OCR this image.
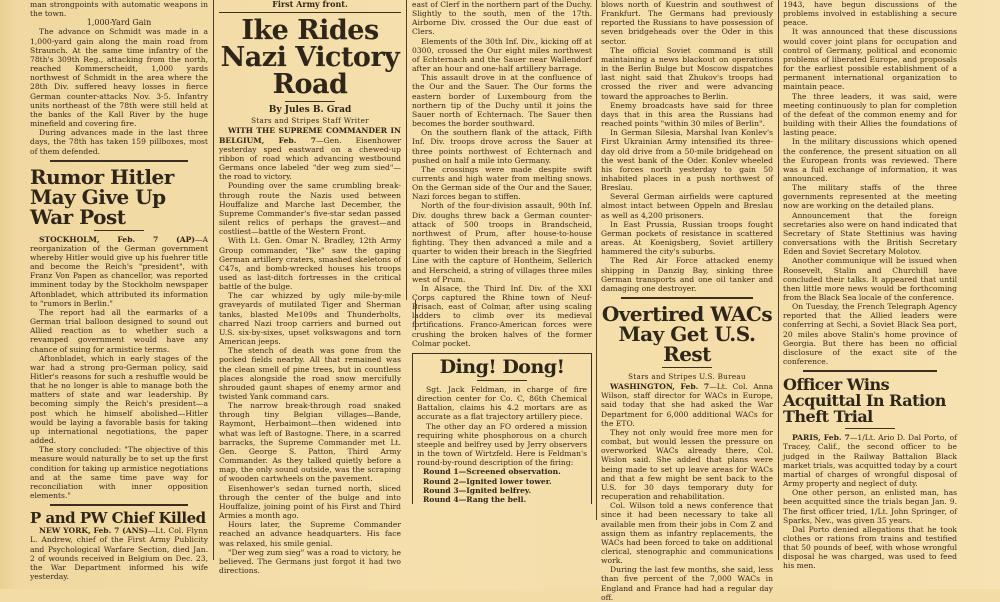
man strongpoints with automatic weapons in the town.

1,000-Yard Gain

The advance on Schmidt was made in a 1,000-yard gain along the main road from Straunch. At the same time infantry of the 78th's 309th Reg., attacking from the north, reached Kommerscheidt, 1,000 yards northwest of Schmidt in the area where the 28th Div. suffered heavy losses in fierce German counter-attacks Nov. 3-5. Infantry units northeast of the 78th were still held at the banks of the Kall River by the huge minefield and covering fire.

During advances made in the last three days, the 78th has taken 159 pillboxes, most of them defended.

Rumor Hitler May Give Up War Post

STOCKHOLM, Feb. 7 (AP)—A reorganization of the German government whereby Hitler would give up his fuehrer title and become the Reich's "president", with Franz Von Papen as chancellor, was reported imminent today by the Stockholm newspaper Aftonbladet, which attributed its information to "rumors in Berlin."

The report had all the earmarks of a German trial balloon designed to sound out Allied reaction as to whether such a revamped government would have any chance of suing for armistice terms.

Aftonbladet, which in early stages of the war had a strong pro-German policy, said Hitler's reasons for such a reshuffle would be that he no longer is able to manage both the matters of state and war leadership. By becoming simply the Reich's president—a post which he himself abolished—Hitler would be laying a favorable basis for taking up international negotiations, the paper added.

The story concluded: "The objective of this measure would naturally be to set up the first condition for taking up armistice negotiations and at the same time pave way for reconciliation with inner opposition elements."

P and PW Chief Killed

NEW YORK, Feb. 7 (ANS)—Lt. Col. Flynn L. Andrew, chief of the First Army Publicity and Psychological Warfare Section, died Jan. 2 of wounds received in Belgium on Dec. 23, the War Department informed his wife yesterday.

First Army front.

Ike Rides Nazi Victory Road
By Jules B. Grad
Stars and Stripes Staff Writer

WITH THE SUPREME COMMANDER IN BELGIUM, Feb. 7—Gen. Eisenhower yesterday sped eastward on a chewed-up ribbon of road which advancing westbound Germans once labeled "der weg zum sied"—the road to victory.

Pounding over the same crumbling break-through route the Nazis used between Houffalize and Marche last December, the Supreme Commander's five-star sedan passed silent relics of perhaps the gravest—and costliest—battle of the Western Front.

With Lt. Gen. Omar N. Bradley, 12th Army Group commander, "Ike" saw the gaping German artillery craters, smashed skeletons of C47s, and bomb-wrecked houses his troops used as last-ditch fortresses in the critical battle of the bulge.

The car whizzed by ugly mile-by-mile graveyards of mutilated Tiger and Sherman tanks, blasted Me109s and Thunderbolts, charred Nazi troop carriers and burned out U.S. six-by-sixes, upset volkswagons and torn American jeeps.

The stench of death was gone from the pocked fields nearby. All that remained was the clean smell of pine trees, but in countless places alongside the road snow mercifully shrouded gaunt shapes of enemy armor and twisted Yank command cars.

The narrow break-through road snaked through tiny Belgian villages—Bande, Raymont, Herbaimont—then widened into what was left of Bastogne. There, in a scarred barracks, the Supreme Commander met Lt. Gen. George S. Patton, Third Army Commander. As they talked quietly before a map, the only sound outside, was the scraping of wooden cartwheels on the pavement.

Eisenhower's sedan turned north, sliced through the center of the bulge and into Houffalize, joining point of his First and Third Armies a month ago.

Hours later, the Supreme Commander reached an advance headquarters. His face was relaxed, his smile genial.

"Der weg zum sieg" was a road to victory, he believed. The Germans just forgot it had two directions.

east of Clerf in the northern part of the Duchy. Slightly to the south, men of the 17th. Airborne Div. crossed the Our due east of Clers.

Elements of the 30th Inf. Div., kicking off at 0300, crossed the Our eight miles northwest of Echternach and the Sauer near Wallendorf after an hour and one-half artillery barrage.

This assault drove in at the confluence of the Our and the Sauer. The Our forms the eastern border of Luxembourg from the northern tip of the Duchy until it joins the Sauer north of Echternach. The Sauer then becomes the border southward.

On the southern flank of the attack, Fifth Inf. Div. troops drove across the Sauer at three points northwest of Echternach and pushed on half a mile into Germany.

The crossings were made despite swift currents and high water from melting snows. On the German side of the Our and the Sauer, Nazi forces began to stiffen.

North of the four-division assault, 90th Inf. Div. doughs threw back a German counter-attack of 500 troops in Brandscheid, northwest of Prum, after house-to-house fighting. They then advanced a mile and a quarter to widen their breach in the Siegfried Line with the capture of Hontheim, Sellerich and Herscheid, a string of villages three miles west of Prum.

In Alsace, the Third Inf. Div. of the XXI Corps captured the Rhine town of Neuf-Brisach, east of Colmar, after using scaling ladders to climb over its medieval fortifications. Franco-American forces were crushing the broken halves of the former Colmar pocket.

Ding! Dong!

Sgt. Jack Feldman, in charge of fire direction center for Co. C, 86th Chemical Battalion, claims his 4.2 mortars are as accurate as a flat trajectory artillery piece.

The other day an FO ordered a mission requiring white phosphorous on a church steeple and belfrey used by Jerry observers in the town of Wirtzfeld. Here is Feldman's round-by-round description of the firing:

Round 1—Screened observation.

Round 2—Ignited lower tower.

Round 3—Ignited belfrey.

Round 4—Rang the bell.

blows north of Kuestrin and southwest of Frankfurt. The Germans had previously reported the Russians to have possession of seven bridgeheads over the Oder in this sector.

The official Soviet command is still maintaining a news blackout on operations in the Berlin Bulge but Moscow dispatches last night said that Zhukov's troops had crossed the river and were advancing toward the approaches to Berlin.

Enemy broadcasts have said for three days that in this area the Russians had reached points "within 30 miles of Berlin".

In German Silesia, Marshal Ivan Konlev's First Ukrainian Army intensified its three-day old drive from a 50-mile bridgehead on the west bank of the Oder. Konlev wheeled his forces north yesterday to gain 50 inhabited places in a push northwest of Breslau.

Several German airfields were captured almost intact between Oppeln and Breslau as well as 4,200 prisoners.

In East Prussia, Russian troops fought German pockets of resistance in scattered areas. At Koenigsberg, Soviet artillery hammered the city's suburbs.

The Red Air Force attacked enemy shipping in Danzig Bay, sinking three German transports and one oil tanker and damaging one destroyer.

Overtired WACs May Get U.S. Rest
Stars and Stripes U.S. Bureau

WASHINGTON, Feb. 7—Lt. Col. Anna Wilson, staff director for WACs in Europe, said today that she had asked the War Department for 6,000 additional WACs for the ETO.

They not only would free more men for combat, but would lessen the pressure on overworked WACs already there, Col. Wislon said. She added that plans were being made to set up leave areas for WACs and that a few might be sent back to the U.S. for 30 days temporary duty for recuperation and rehabilitation.

Col. Wilson told a news conference that since it had been necessary to take all available men from their jobs in Com Z and assign them as infantry replacements, the WACs had been forced to take on additional clerical, stenographic and communications work.

During the last few months, she said, less than five percent of the 7,000 WACs in England and France had had a regular day off.

1943, have begun discussions of the problems involved in establishing a secure peace.

It was announced that these discussions would cover joint plans for occupation and control of Germany, political and economic problems of liberated Europe, and proposals for the earliest possible establishment of a permanent international organization to maintain peace.

The three leaders, it was said, were meeting continuously to plan for completion of the defeat of the common enemy and for building with their Allies the foundations of lasting peace.

In the military discussions which opened the conference, the present situation on all the European fronts was reviewed. There was a full exchange of information, it was announced.

The military staffs of the three governments represented at the meeting now are working on the detailed plans.

Announcement that the foreign secretaries also were on hand indicated that Secretary of State Stettinius was having conversations with the British Secretary Eden and Soviet Secretary Molotov.

Another communique will be issued when Roosevelt, Stalin and Churchill have concluded their talks. It appeared that until then little more news would be forthcoming from the Black Sea locale of the conference.

On Tuesday, the French Telegraph Agency reported that the Allied leaders were conferring at Sechi, a Soviet Black Sea port, 20 miles above Stalin's home province of Georgia. But there has been no official disclosure of the exact site of the conference.

Officer Wins Acquittal In Ration Theft Trial

PARIS, Feb. 7—1/Lt. Ario D. Dal Porto, of Tracey, Calif., the second officer to be judged in the Railway Battalion Black market trials, was acquitted today by a court martial of charges of wrongful disposal of Army property and neglect of duty.

One other person, an enlisted man, has been acquitted since the trials began Jan. 9. The first officer tried, 1/Lt. John Springer, of Sparks, Nev., was given 35 years.

Dal Porto denied allegations that he took clothes or rations from trains and testified that 50 pounds of beef, with whose wrongful disposal he was charged, was used to feed his men.
